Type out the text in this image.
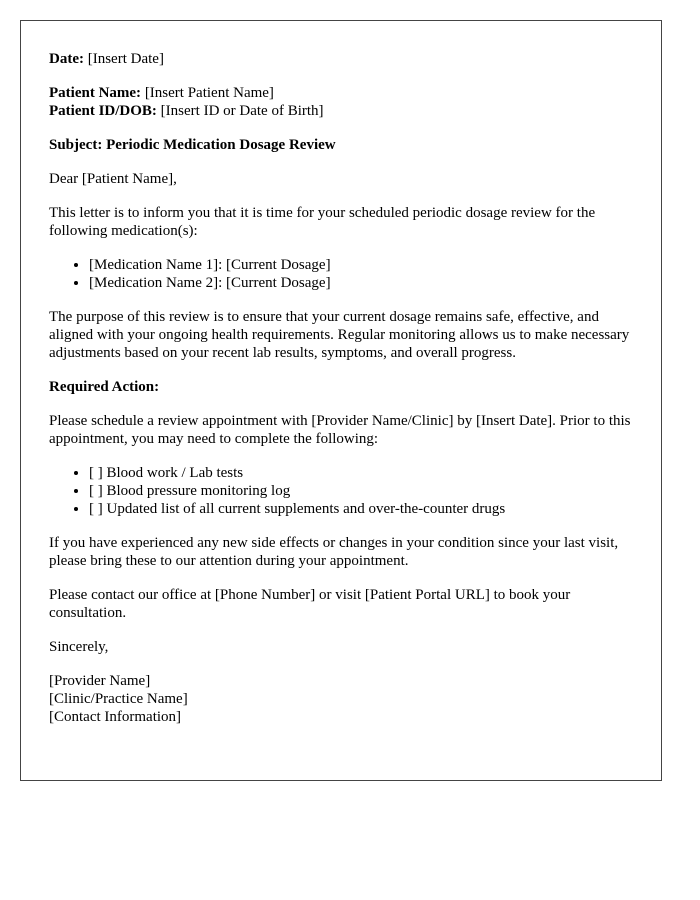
Date: [Insert Date]

Patient Name: [Insert Patient Name]

Patient ID/DOB: [Insert ID or Date of Birth]

Subject: Periodic Medication Dosage Review

Dear [Patient Name],

This letter is to inform you that it is time for your scheduled periodic dosage review for the following medication(s):

• [Medication Name 1]: [Current Dosage]
• [Medication Name 2]: [Current Dosage]

The purpose of this review is to ensure that your current dosage remains safe, effective, and aligned with your ongoing health requirements. Regular monitoring allows us to make necessary adjustments based on your recent lab results, symptoms, and overall progress.

Required Action:

Please schedule a review appointment with [Provider Name/Clinic] by [Insert Date]. Prior to this appointment, you may need to complete the following:

• [ ] Blood work / Lab tests
• [ ] Blood pressure monitoring log
• [ ] Updated list of all current supplements and over-the-counter drugs

If you have experienced any new side effects or changes in your condition since your last visit, please bring these to our attention during your appointment.

Please contact our office at [Phone Number] or visit [Patient Portal URL] to book your consultation.

Sincerely,

[Provider Name]

[Clinic/Practice Name]

[Contact Information]
